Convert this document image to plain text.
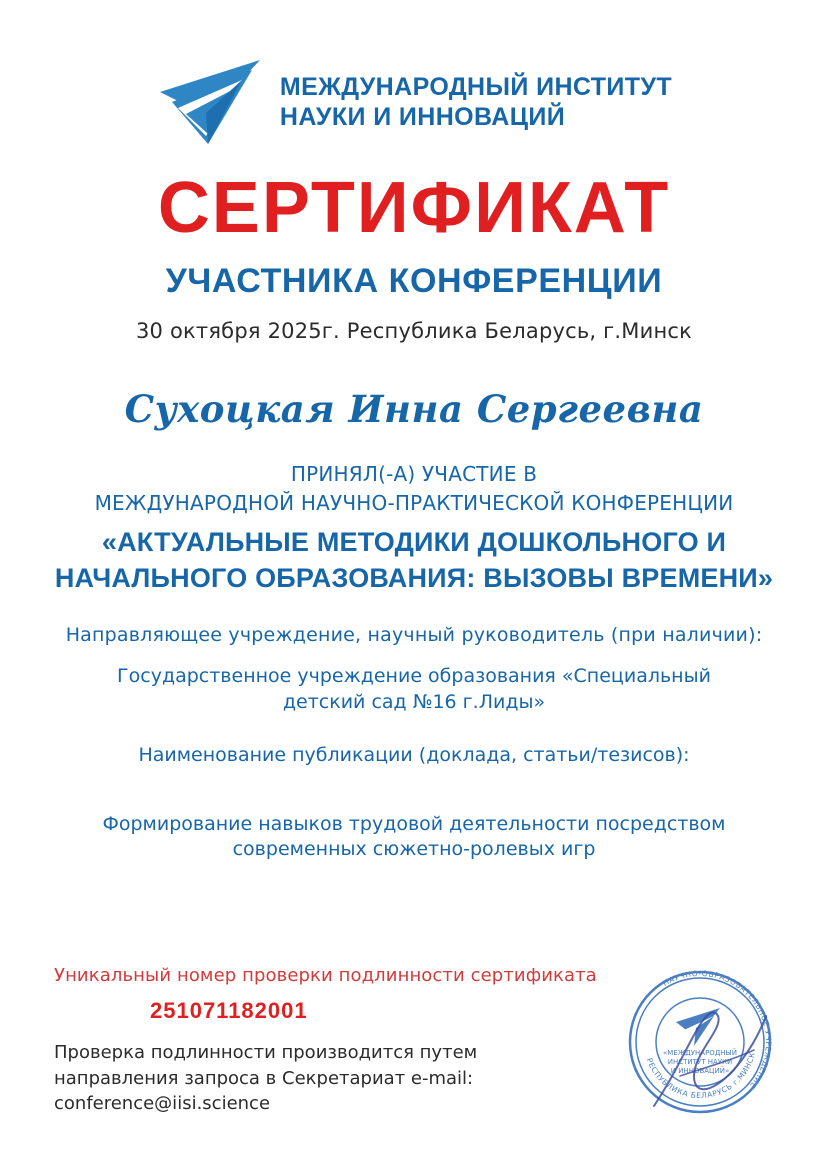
МЕЖДУНАРОДНЫЙ ИНСТИТУТ
НАУКИ И ИННОВАЦИЙ
СЕРТИФИКАТ
УЧАСТНИКА КОНФЕРЕНЦИИ
30 октября 2025г. Республика Беларусь, г.Минск
Сухоцкая Инна Сергеевна
ПРИНЯЛ(-А) УЧАСТИЕ В
МЕЖДУНАРОДНОЙ НАУЧНО-ПРАКТИЧЕСКОЙ КОНФЕРЕНЦИИ
«АКТУАЛЬНЫЕ МЕТОДИКИ ДОШКОЛЬНОГО И НАЧАЛЬНОГО ОБРАЗОВАНИЯ: ВЫЗОВЫ ВРЕМЕНИ»
Направляющее учреждение, научный руководитель (при наличии):
Государственное учреждение образования «Специальный детский сад №16 г.Лиды»
Наименование публикации (доклада, статьи/тезисов):
Формирование навыков трудовой деятельности посредством современных сюжетно-ролевых игр
Уникальный номер проверки подлинности сертификата
251071182001
Проверка подлинности производится путем направления запроса в Секретариат e-mail: conference@iisi.science
НАУЧНО-ОБРАЗОВАТЕЛЬНОЕ УЧРЕЖДЕНИЕ
РЕСПУБЛИКА БЕЛАРУСЬ г.МИНСК
«МЕЖДУНАРОДНЫЙ
ИНСТИТУТ НАУКИ
И ИННОВАЦИЙ»
